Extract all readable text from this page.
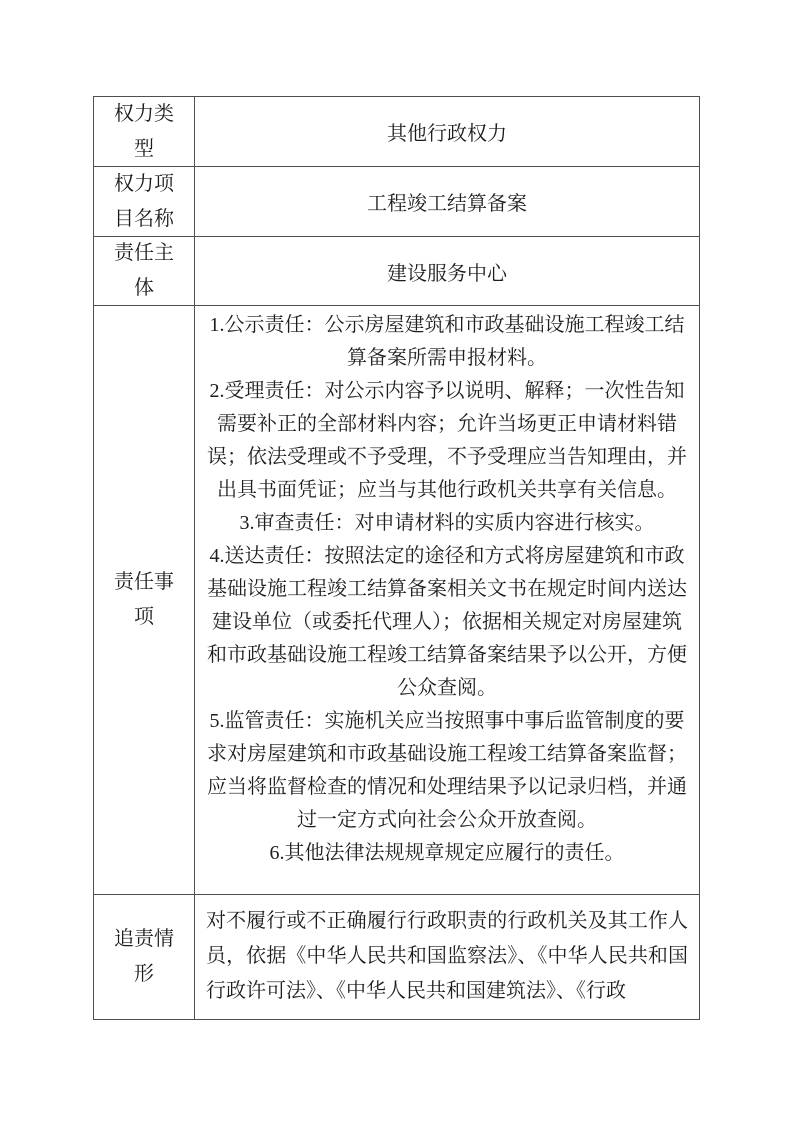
权力类型
其他行政权力
权力项目名称
工程竣工结算备案
责任主体
建设服务中心
责任事项

1.公示责任：公示房屋建筑和市政基础设施工程竣工结算备案所需申报材料。

2.受理责任：对公示内容予以说明、解释；一次性告知需要补正的全部材料内容；允许当场更正申请材料错误；依法受理或不予受理，不予受理应当告知理由，并出具书面凭证；应当与其他行政机关共享有关信息。

3.审查责任：对申请材料的实质内容进行核实。

4.送达责任：按照法定的途径和方式将房屋建筑和市政基础设施工程竣工结算备案相关文书在规定时间内送达建设单位（或委托代理人）；依据相关规定对房屋建筑和市政基础设施工程竣工结算备案结果予以公开，方便公众查阅。

5.监管责任：实施机关应当按照事中事后监管制度的要求对房屋建筑和市政基础设施工程竣工结算备案监督；应当将监督检查的情况和处理结果予以记录归档，并通过一定方式向社会公众开放查阅。

6.其他法律法规规章规定应履行的责任。

追责情形
对不履行或不正确履行行政职责的行政机关及其工作人员，依据《中华人民共和国监察法》、《中华人民共和国行政许可法》、《中华人民共和国建筑法》、《行政
